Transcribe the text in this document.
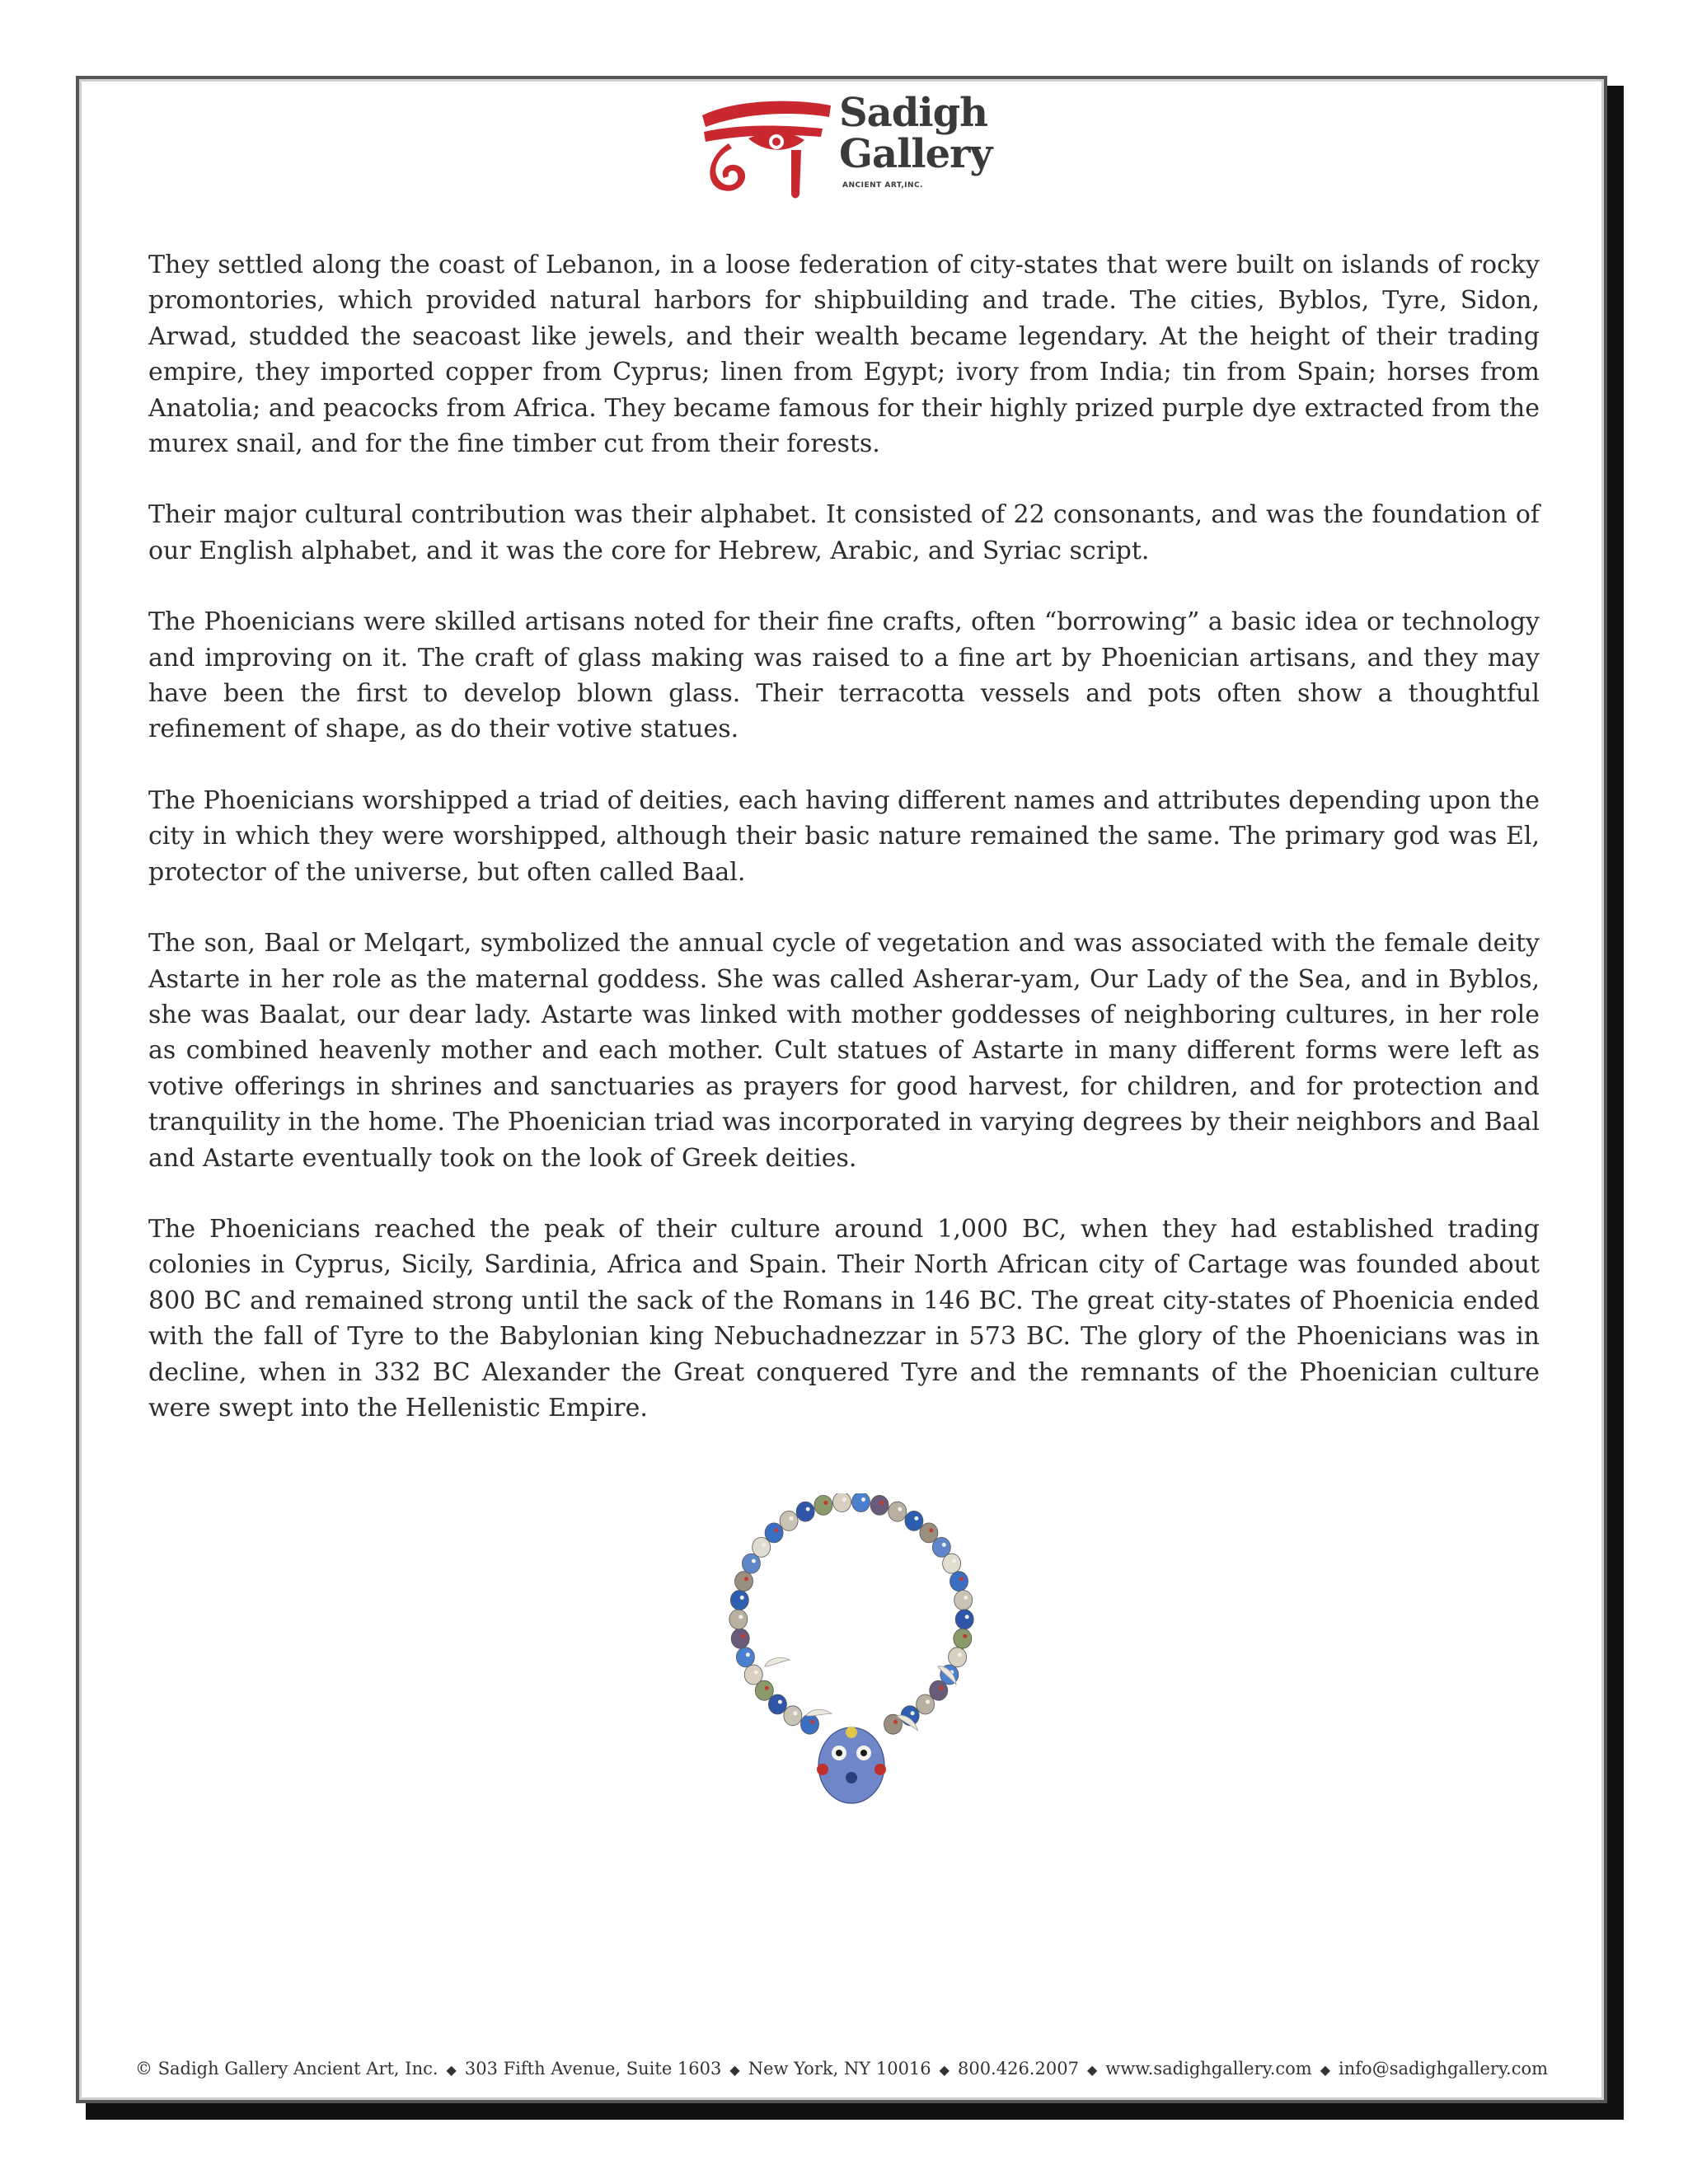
Sadigh
Gallery
ANCIENT ART,INC.

They settled along the coast of Lebanon, in a loose federation of city-states that were built on islands of rocky promontories, which provided natural harbors for shipbuilding and trade. The cities, Byblos, Tyre, Sidon, Arwad, studded the seacoast like jewels, and their wealth became legendary. At the height of their trading empire, they imported copper from Cyprus; linen from Egypt; ivory from India; tin from Spain; horses from Anatolia; and peacocks from Africa. They became famous for their highly prized purple dye extracted from the murex snail, and for the fine timber cut from their forests.

Their major cultural contribution was their alphabet. It consisted of 22 consonants, and was the foundation of our English alphabet, and it was the core for Hebrew, Arabic, and Syriac script.

The Phoenicians were skilled artisans noted for their fine crafts, often “borrowing” a basic idea or technology and improving on it. The craft of glass making was raised to a fine art by Phoenician artisans, and they may have been the first to develop blown glass. Their terracotta vessels and pots often show a thoughtful refinement of shape, as do their votive statues.

The Phoenicians worshipped a triad of deities, each having different names and attributes depending upon the city in which they were worshipped, although their basic nature remained the same. The primary god was El, protector of the universe, but often called Baal.

The son, Baal or Melqart, symbolized the annual cycle of vegetation and was associated with the female deity Astarte in her role as the maternal goddess. She was called Asherar-yam, Our Lady of the Sea, and in Byblos, she was Baalat, our dear lady. Astarte was linked with mother goddesses of neighboring cultures, in her role as combined heavenly mother and each mother. Cult statues of Astarte in many different forms were left as votive offerings in shrines and sanctuaries as prayers for good harvest, for children, and for protection and tranquility in the home. The Phoenician triad was incorporated in varying degrees by their neighbors and Baal and Astarte eventually took on the look of Greek deities.

The Phoenicians reached the peak of their culture around 1,000 BC, when they had established trading colonies in Cyprus, Sicily, Sardinia, Africa and Spain. Their North African city of Cartage was founded about 800 BC and remained strong until the sack of the Romans in 146 BC. The great city-states of Phoenicia ended with the fall of Tyre to the Babylonian king Nebuchadnezzar in 573 BC. The glory of the Phoenicians was in decline, when in 332 BC Alexander the Great conquered Tyre and the remnants of the Phoenician culture were swept into the Hellenistic Empire.

© Sadigh Gallery Ancient Art, Inc. ◆ 303 Fifth Avenue, Suite 1603 ◆ New York, NY 10016 ◆ 800.426.2007 ◆ www.sadighgallery.com ◆ info@sadighgallery.com
